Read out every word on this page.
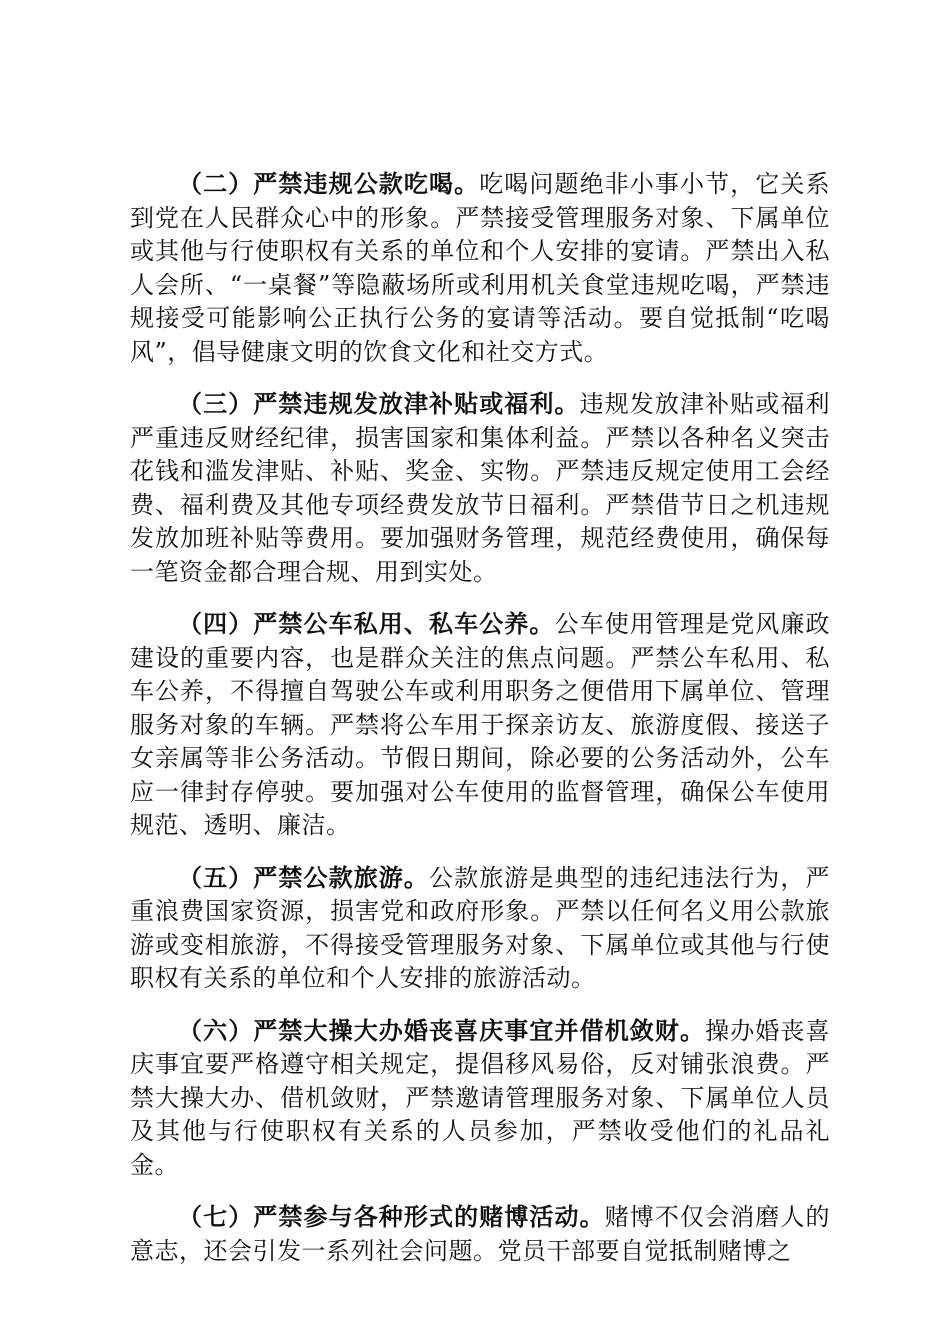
（二）严禁违规公款吃喝。吃喝问题绝非小事小节，它关系到党在人民群众心中的形象。严禁接受管理服务对象、下属单位或其他与行使职权有关系的单位和个人安排的宴请。严禁出入私人会所、“一桌餐”等隐蔽场所或利用机关食堂违规吃喝，严禁违规接受可能影响公正执行公务的宴请等活动。要自觉抵制“吃喝风”，倡导健康文明的饮食文化和社交方式。

（三）严禁违规发放津补贴或福利。违规发放津补贴或福利严重违反财经纪律，损害国家和集体利益。严禁以各种名义突击花钱和滥发津贴、补贴、奖金、实物。严禁违反规定使用工会经费、福利费及其他专项经费发放节日福利。严禁借节日之机违规发放加班补贴等费用。要加强财务管理，规范经费使用，确保每一笔资金都合理合规、用到实处。

（四）严禁公车私用、私车公养。公车使用管理是党风廉政建设的重要内容，也是群众关注的焦点问题。严禁公车私用、私车公养，不得擅自驾驶公车或利用职务之便借用下属单位、管理服务对象的车辆。严禁将公车用于探亲访友、旅游度假、接送子女亲属等非公务活动。节假日期间，除必要的公务活动外，公车应一律封存停驶。要加强对公车使用的监督管理，确保公车使用规范、透明、廉洁。

（五）严禁公款旅游。公款旅游是典型的违纪违法行为，严重浪费国家资源，损害党和政府形象。严禁以任何名义用公款旅游或变相旅游，不得接受管理服务对象、下属单位或其他与行使职权有关系的单位和个人安排的旅游活动。

（六）严禁大操大办婚丧喜庆事宜并借机敛财。操办婚丧喜庆事宜要严格遵守相关规定，提倡移风易俗，反对铺张浪费。严禁大操大办、借机敛财，严禁邀请管理服务对象、下属单位人员及其他与行使职权有关系的人员参加，严禁收受他们的礼品礼金。

（七）严禁参与各种形式的赌博活动。赌博不仅会消磨人的意志，还会引发一系列社会问题。党员干部要自觉抵制赌博之
